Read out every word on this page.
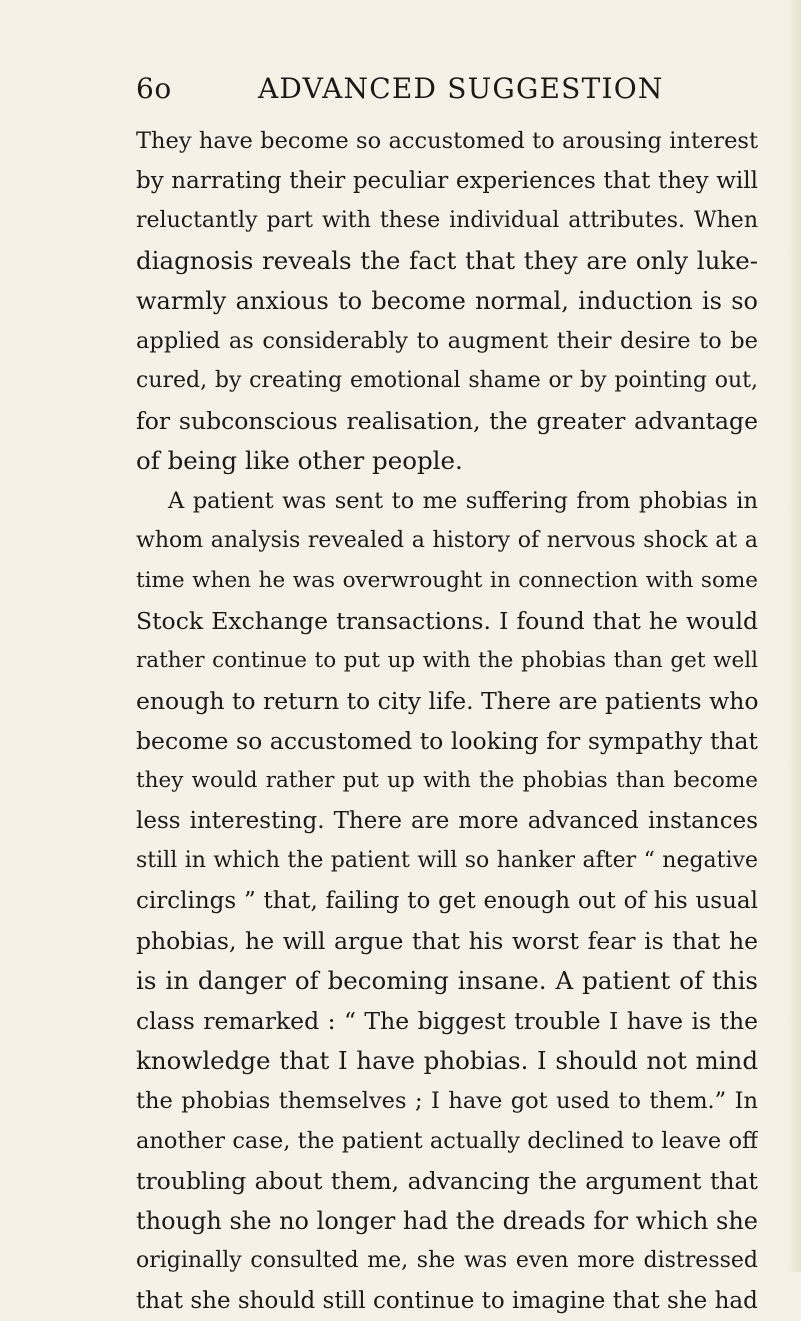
6o	ADVANCED SUGGESTION
They have become so accustomed to arousing interest
by narrating their peculiar experiences that they will
reluctantly part with these individual attributes. When
diagnosis reveals the fact that they are only luke-
warmly anxious to become normal, induction is so
applied as considerably to augment their desire to be
cured, by creating emotional shame or by pointing out,
for subconscious realisation, the greater advantage
of being like other people.
A patient was sent to me suffering from phobias in
whom analysis revealed a history of nervous shock at a
time when he was overwrought in connection with some
Stock Exchange transactions. I found that he would
rather continue to put up with the phobias than get well
enough to return to city life. There are patients who
become so accustomed to looking for sympathy that
they would rather put up with the phobias than become
less interesting. There are more advanced instances
still in which the patient will so hanker after “ negative
circlings ” that, failing to get enough out of his usual
phobias, he will argue that his worst fear is that he
is in danger of becoming insane. A patient of this
class remarked : “ The biggest trouble I have is the
knowledge that I have phobias. I should not mind
the phobias themselves ; I have got used to them.” In
another case, the patient actually declined to leave off
troubling about them, advancing the argument that
though she no longer had the dreads for which she
originally consulted me, she was even more distressed
that she should still continue to imagine that she had
